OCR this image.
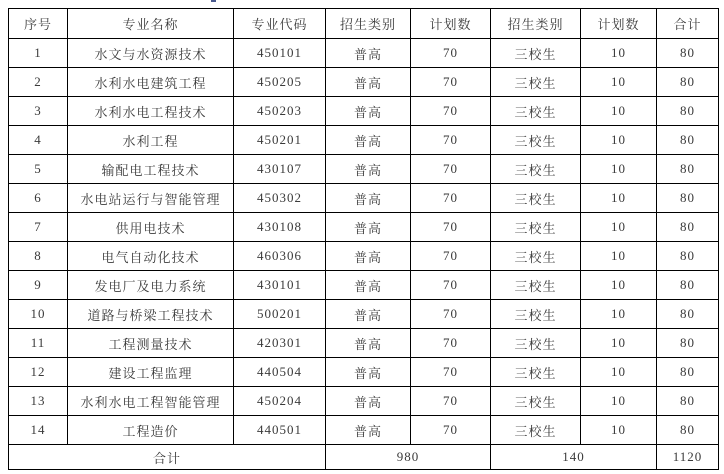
序号	专业名称	专业代码	招生类别	计划数	招生类别	计划数	合计
1	水文与水资源技术	450101	普高	70	三校生	10	80
2	水利水电建筑工程	450205	普高	70	三校生	10	80
3	水利水电工程技术	450203	普高	70	三校生	10	80
4	水利工程	450201	普高	70	三校生	10	80
5	输配电工程技术	430107	普高	70	三校生	10	80
6	水电站运行与智能管理	450302	普高	70	三校生	10	80
7	供用电技术	430108	普高	70	三校生	10	80
8	电气自动化技术	460306	普高	70	三校生	10	80
9	发电厂及电力系统	430101	普高	70	三校生	10	80
10	道路与桥梁工程技术	500201	普高	70	三校生	10	80
11	工程测量技术	420301	普高	70	三校生	10	80
12	建设工程监理	440504	普高	70	三校生	10	80
13	水利水电工程智能管理	450204	普高	70	三校生	10	80
14	工程造价	440501	普高	70	三校生	10	80
合计			980		140		1120
